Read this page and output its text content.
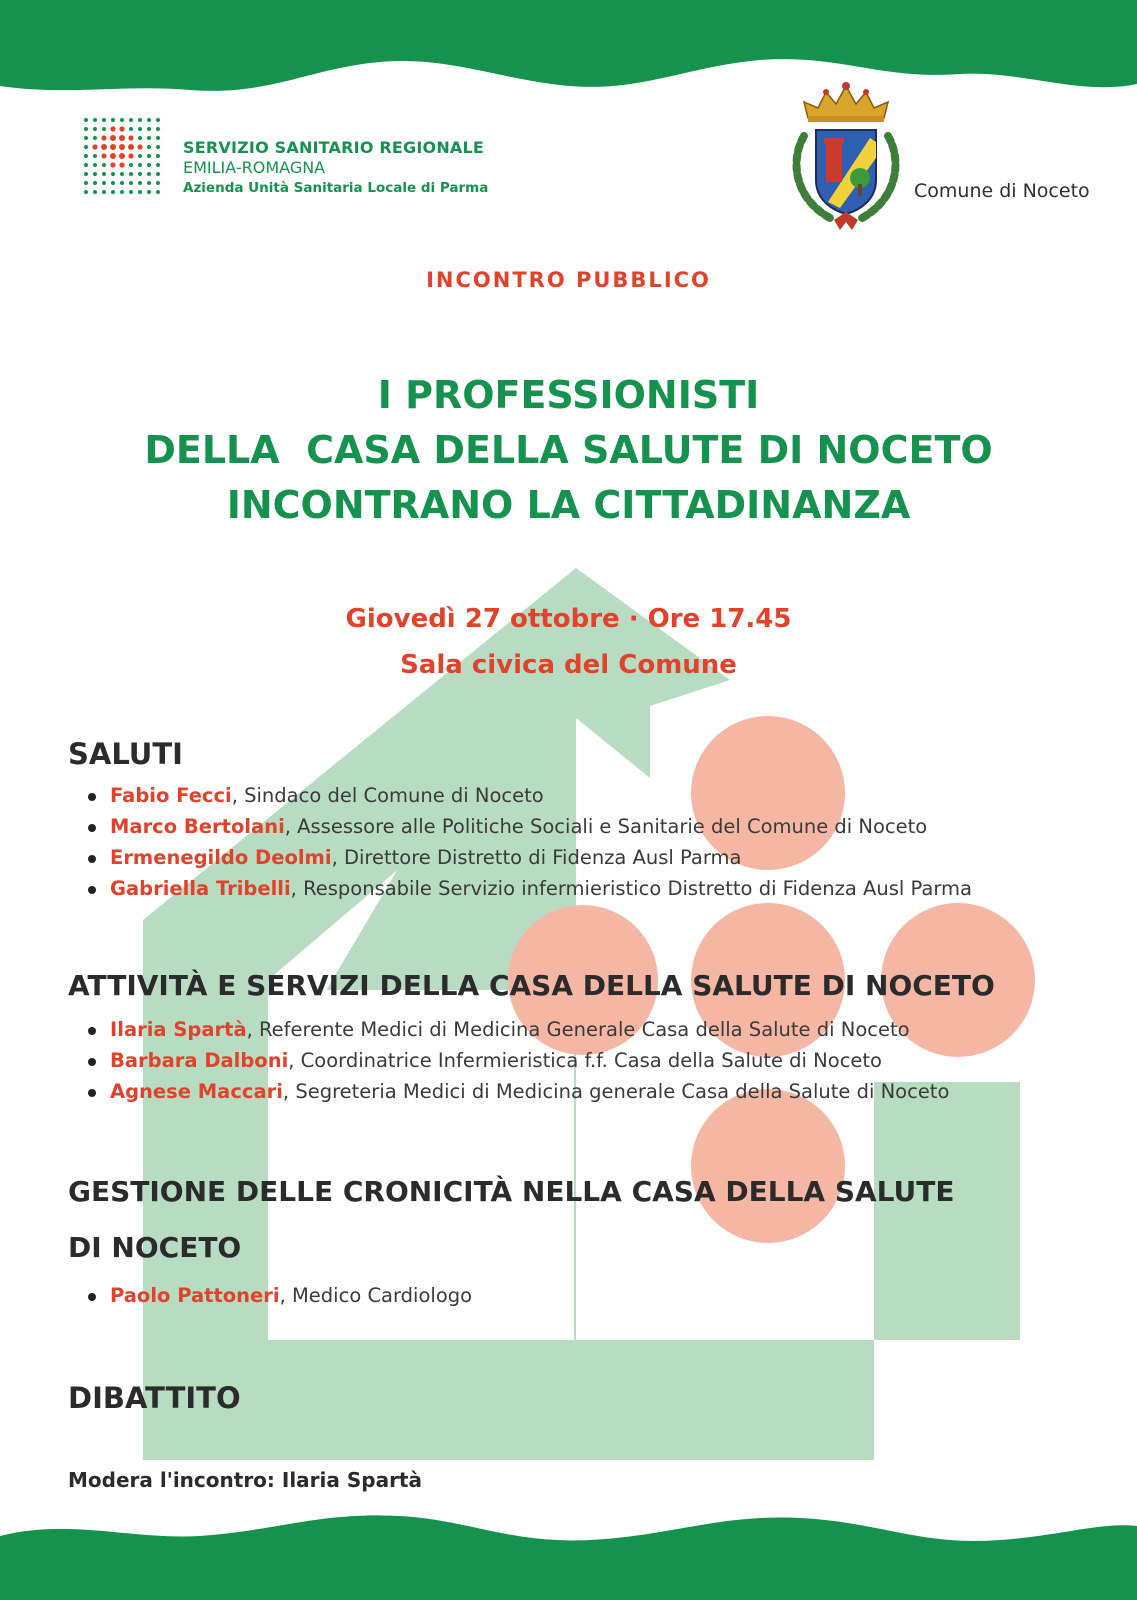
SERVIZIO SANITARIO REGIONALE
EMILIA-ROMAGNA
Azienda Unità Sanitaria Locale di Parma	Comune di Noceto
INCONTRO PUBBLICO
I PROFESSIONISTI
DELLA  CASA DELLA SALUTE DI NOCETO
INCONTRANO LA CITTADINANZA
Giovedì 27 ottobre · Ore 17.45
Sala civica del Comune
SALUTI
Fabio Fecci, Sindaco del Comune di Noceto
Marco Bertolani, Assessore alle Politiche Sociali e Sanitarie del Comune di Noceto
Ermenegildo Deolmi, Direttore Distretto di Fidenza Ausl Parma
Gabriella Tribelli, Responsabile Servizio infermieristico Distretto di Fidenza Ausl Parma
ATTIVITÀ E SERVIZI DELLA CASA DELLA SALUTE DI NOCETO
Ilaria Spartà, Referente Medici di Medicina Generale Casa della Salute di Noceto
Barbara Dalboni, Coordinatrice Infermieristica f.f. Casa della Salute di Noceto
Agnese Maccari, Segreteria Medici di Medicina generale Casa della Salute di Noceto
GESTIONE DELLE CRONICITÀ NELLA CASA DELLA SALUTE
DI NOCETO
Paolo Pattoneri, Medico Cardiologo
DIBATTITO
Modera l'incontro: Ilaria Spartà
